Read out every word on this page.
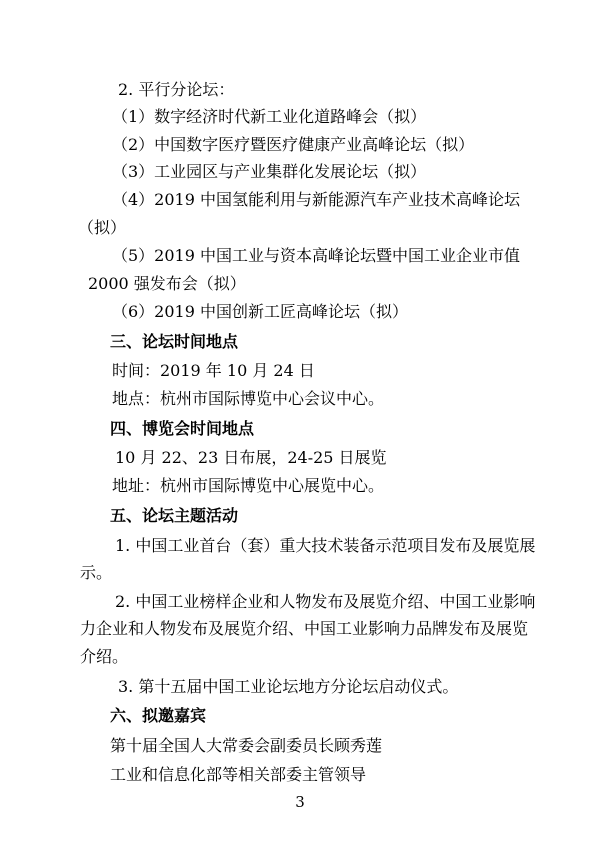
2. 平行分论坛：
（1）数字经济时代新工业化道路峰会（拟）
（2）中国数字医疗暨医疗健康产业高峰论坛（拟）
（3）工业园区与产业集群化发展论坛（拟）
（4）2019 中国氢能利用与新能源汽车产业技术高峰论坛
（拟）
（5）2019 中国工业与资本高峰论坛暨中国工业企业市值
2000 强发布会（拟）
（6）2019 中国创新工匠高峰论坛（拟）
三、论坛时间地点
时间：2019 年 10 月 24 日
地点：杭州市国际博览中心会议中心。
四、博览会时间地点
10 月 22、23 日布展，24-25 日展览
地址：杭州市国际博览中心展览中心。
五、论坛主题活动
1. 中国工业首台（套）重大技术装备示范项目发布及展览展
示。
2. 中国工业榜样企业和人物发布及展览介绍、中国工业影响
力企业和人物发布及展览介绍、中国工业影响力品牌发布及展览
介绍。
3. 第十五届中国工业论坛地方分论坛启动仪式。
六、拟邀嘉宾
第十届全国人大常委会副委员长顾秀莲
工业和信息化部等相关部委主管领导
3
